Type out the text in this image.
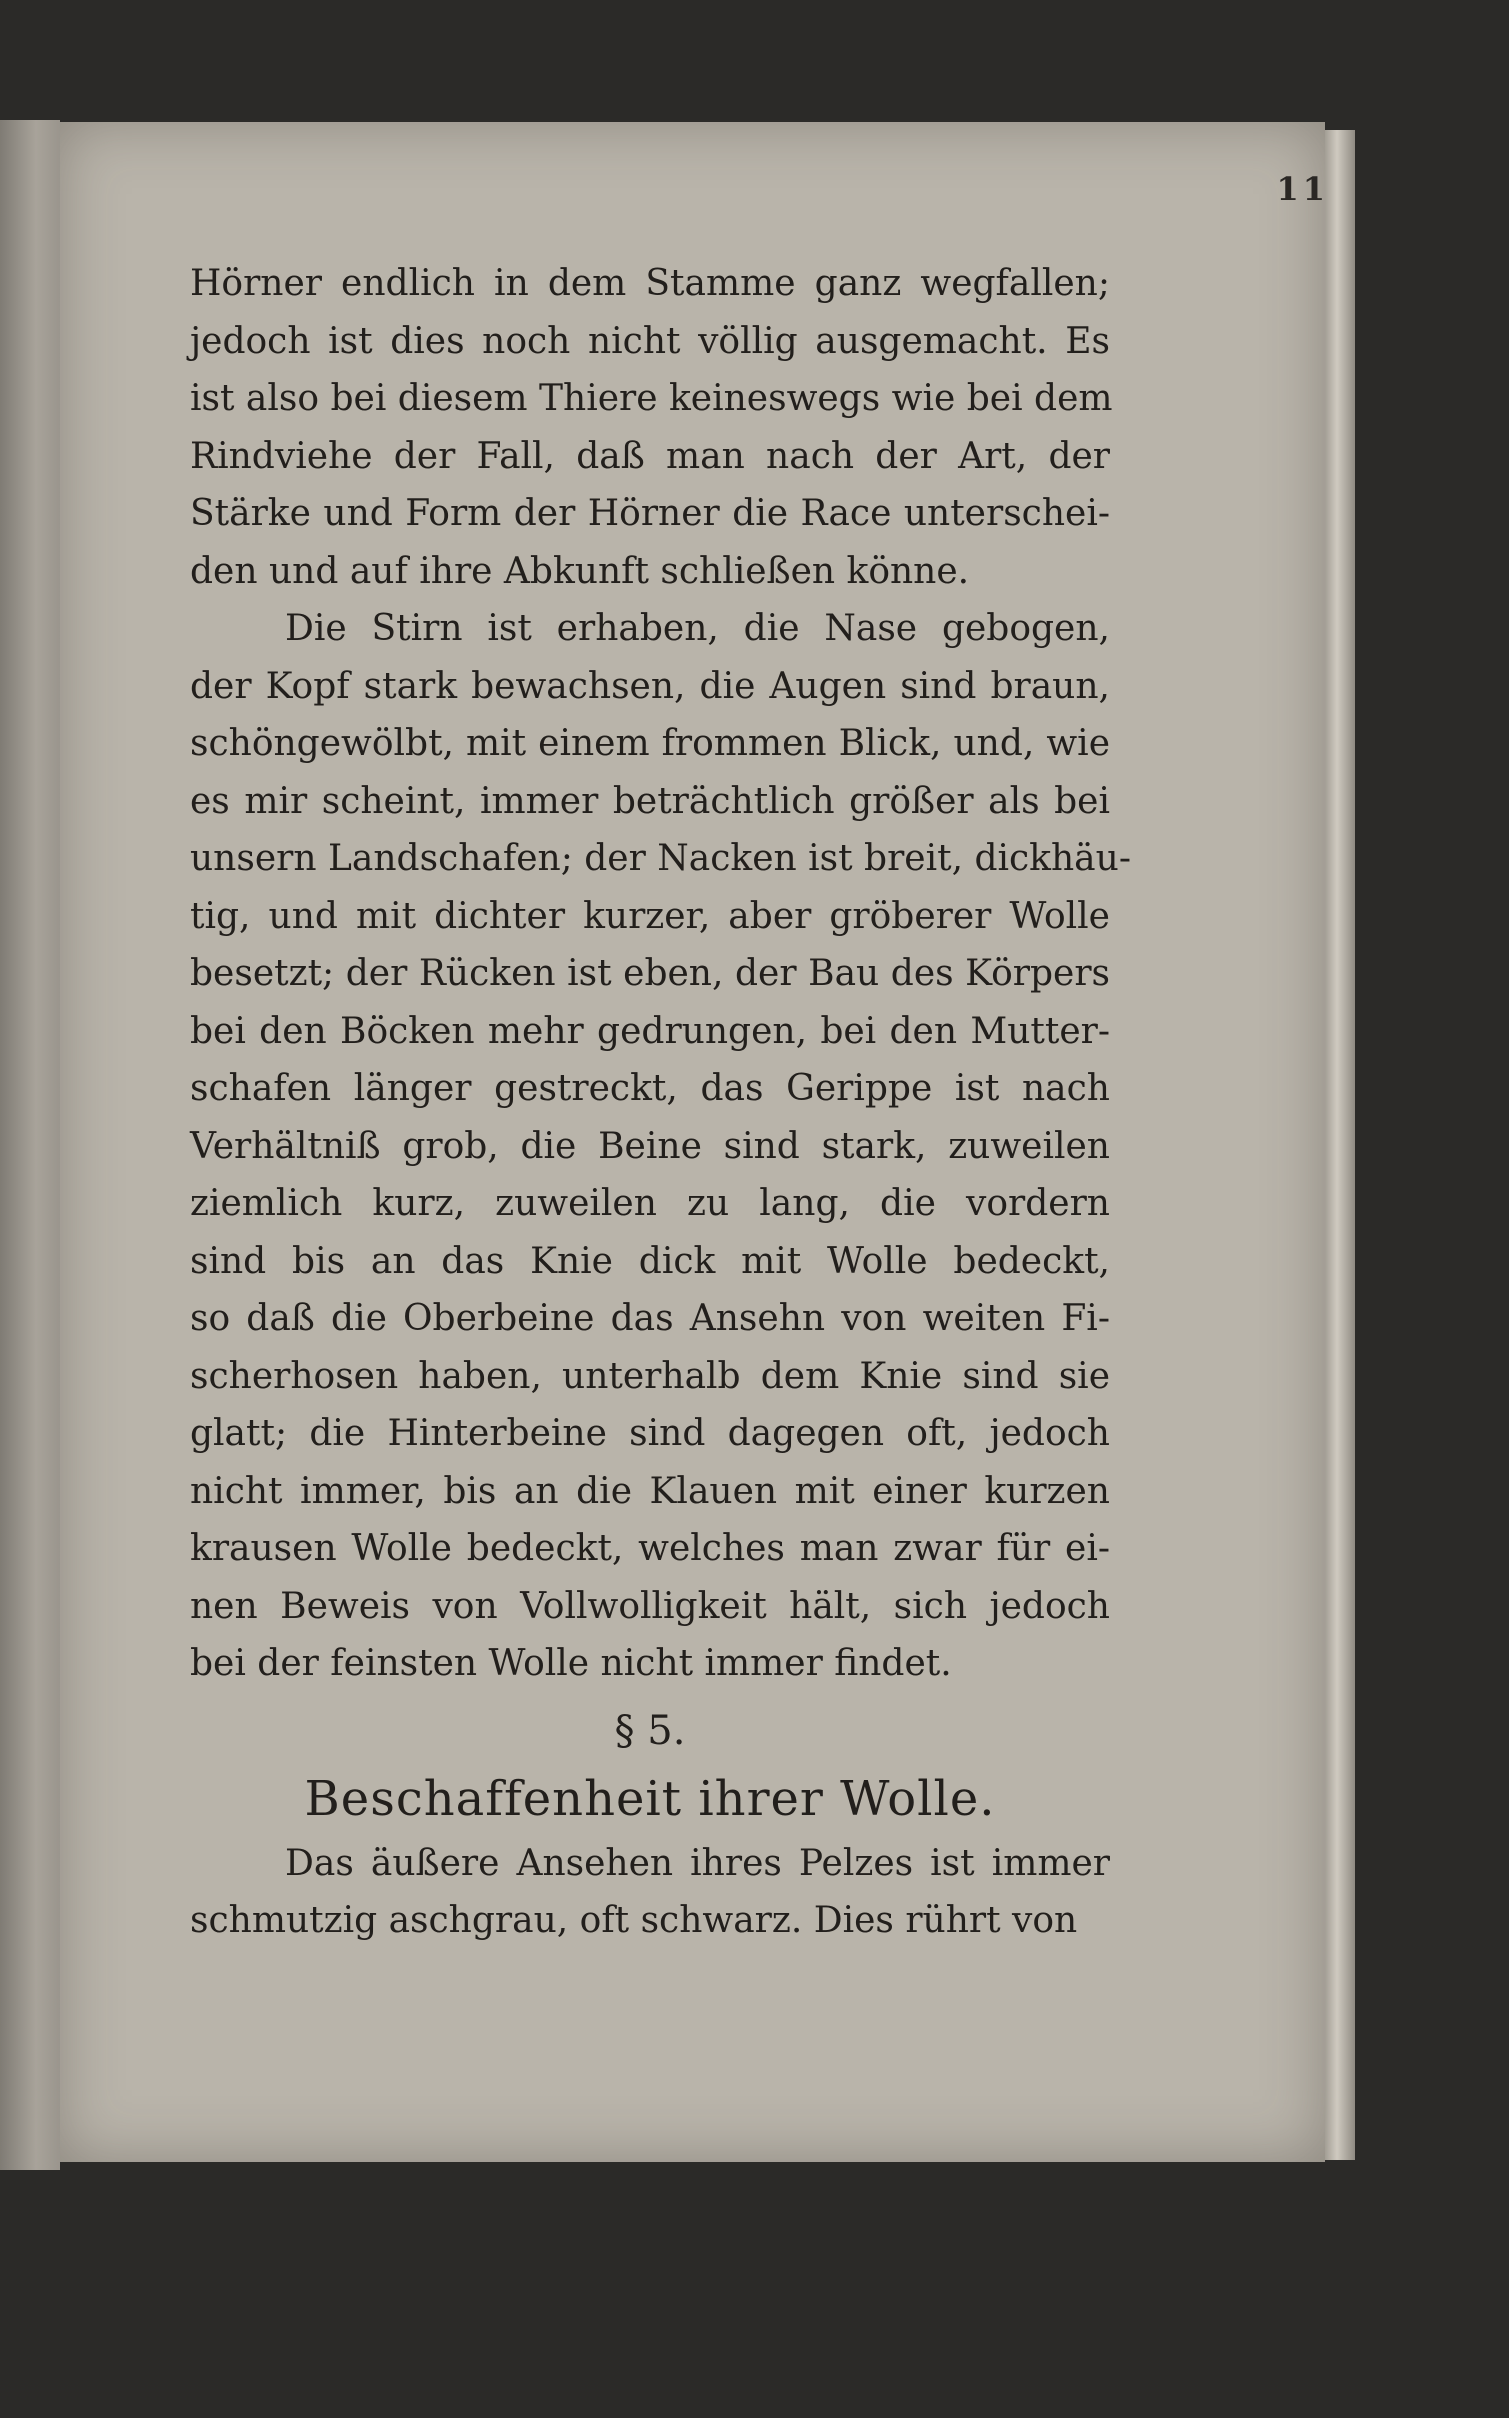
11
Hörner endlich in dem Stamme ganz wegfallen;
jedoch ist dies noch nicht völlig ausgemacht. Es
ist also bei diesem Thiere keineswegs wie bei dem
Rindviehe der Fall, daß man nach der Art, der
Stärke und Form der Hörner die Race unterschei-
den und auf ihre Abkunft schließen könne.
Die Stirn ist erhaben, die Nase gebogen,
der Kopf stark bewachsen, die Augen sind braun,
schöngewölbt, mit einem frommen Blick, und, wie
es mir scheint, immer beträchtlich größer als bei
unsern Landschafen; der Nacken ist breit, dickhäu-
tig, und mit dichter kurzer, aber gröberer Wolle
besetzt; der Rücken ist eben, der Bau des Körpers
bei den Böcken mehr gedrungen, bei den Mutter-
schafen länger gestreckt, das Gerippe ist nach
Verhältniß grob, die Beine sind stark, zuweilen
ziemlich kurz, zuweilen zu lang, die vordern
sind bis an das Knie dick mit Wolle bedeckt,
so daß die Oberbeine das Ansehn von weiten Fi-
scherhosen haben, unterhalb dem Knie sind sie
glatt; die Hinterbeine sind dagegen oft, jedoch
nicht immer, bis an die Klauen mit einer kurzen
krausen Wolle bedeckt, welches man zwar für ei-
nen Beweis von Vollwolligkeit hält, sich jedoch
bei der feinsten Wolle nicht immer findet.
§ 5.
Beschaffenheit ihrer Wolle.
Das äußere Ansehen ihres Pelzes ist immer
schmutzig aschgrau, oft schwarz. Dies rührt von
